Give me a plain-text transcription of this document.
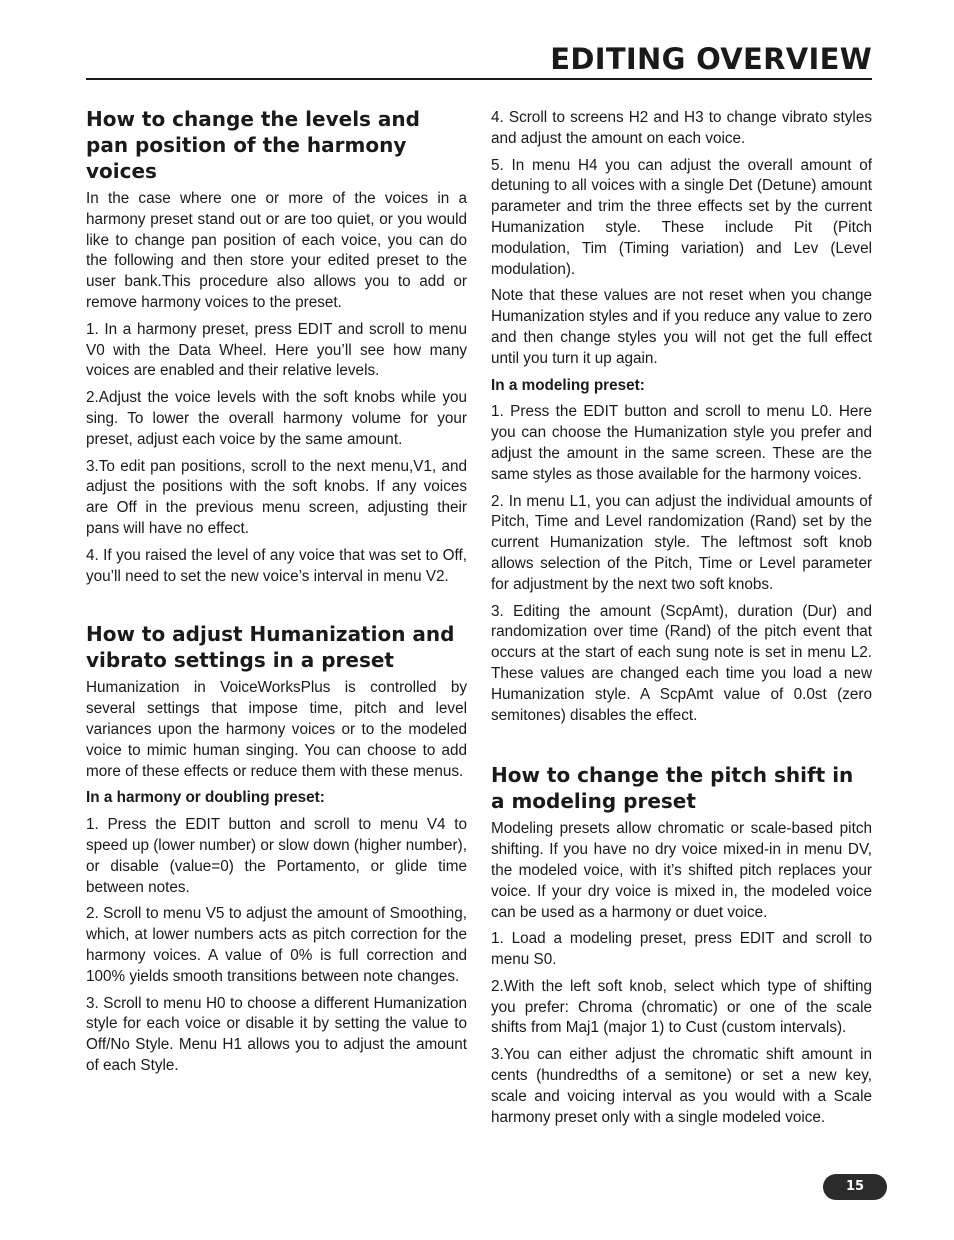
EDITING OVERVIEW
How to change the levels and pan position of the harmony voices

In the case where one or more of the voices in a harmony preset stand out or are too quiet, or you would like to change pan position of each voice, you can do the following and then store your edited preset to the user bank.This procedure also allows you to add or remove harmony voices to the preset.

1. In a harmony preset, press EDIT and scroll to menu V0 with the Data Wheel. Here you’ll see how many voices are enabled and their relative levels.

2.Adjust the voice levels with the soft knobs while you sing. To lower the overall harmony volume for your preset, adjust each voice by the same amount.

3.To edit pan positions, scroll to the next menu,V1, and adjust the positions with the soft knobs. If any voices are Off in the previous menu screen, adjusting their pans will have no effect.

4. If you raised the level of any voice that was set to Off, you’ll need to set the new voice’s interval in menu V2.

How to adjust Humanization and vibrato settings in a preset

Humanization in VoiceWorksPlus is controlled by several settings that impose time, pitch and level variances upon the harmony voices or to the modeled voice to mimic human singing. You can choose to add more of these effects or reduce them with these menus.

In a harmony or doubling preset:

1. Press the EDIT button and scroll to menu V4 to speed up (lower number) or slow down (higher number), or disable (value=0) the Portamento, or glide time between notes.

2. Scroll to menu V5 to adjust the amount of Smoothing, which, at lower numbers acts as pitch correction for the harmony voices. A value of 0% is full correction and 100% yields smooth transitions between note changes.

3. Scroll to menu H0 to choose a different Humanization style for each voice or disable it by setting the value to Off/No Style. Menu H1 allows you to adjust the amount of each Style.

4. Scroll to screens H2 and H3 to change vibrato styles and adjust the amount on each voice.

5. In menu H4 you can adjust the overall amount of detuning to all voices with a single Det (Detune) amount parameter and trim the three effects set by the current Humanization style. These include Pit (Pitch modulation, Tim (Timing variation) and Lev (Level modulation).

Note that these values are not reset when you change Humanization styles and if you reduce any value to zero and then change styles you will not get the full effect until you turn it up again.

In a modeling preset:

1. Press the EDIT button and scroll to menu L0. Here you can choose the Humanization style you prefer and adjust the amount in the same screen. These are the same styles as those available for the harmony voices.

2. In menu L1, you can adjust the individual amounts of Pitch, Time and Level randomization (Rand) set by the current Humanization style. The leftmost soft knob allows selection of the Pitch, Time or Level parameter for adjustment by the next two soft knobs.

3. Editing the amount (ScpAmt), duration (Dur) and randomization over time (Rand) of the pitch event that occurs at the start of each sung note is set in menu L2. These values are changed each time you load a new Humanization style. A ScpAmt value of 0.0st (zero semitones) disables the effect.

How to change the pitch shift in a modeling preset

Modeling presets allow chromatic or scale-based pitch shifting. If you have no dry voice mixed-in in menu DV, the modeled voice, with it’s shifted pitch replaces your voice. If your dry voice is mixed in, the modeled voice can be used as a harmony or duet voice.

1. Load a modeling preset, press EDIT and scroll to menu S0.

2.With the left soft knob, select which type of shifting you prefer: Chroma (chromatic) or one of the scale shifts from Maj1 (major 1) to Cust (custom intervals).

3.You can either adjust the chromatic shift amount in cents (hundredths of a semitone) or set a new key, scale and voicing interval as you would with a Scale harmony preset only with a single modeled voice.

15
